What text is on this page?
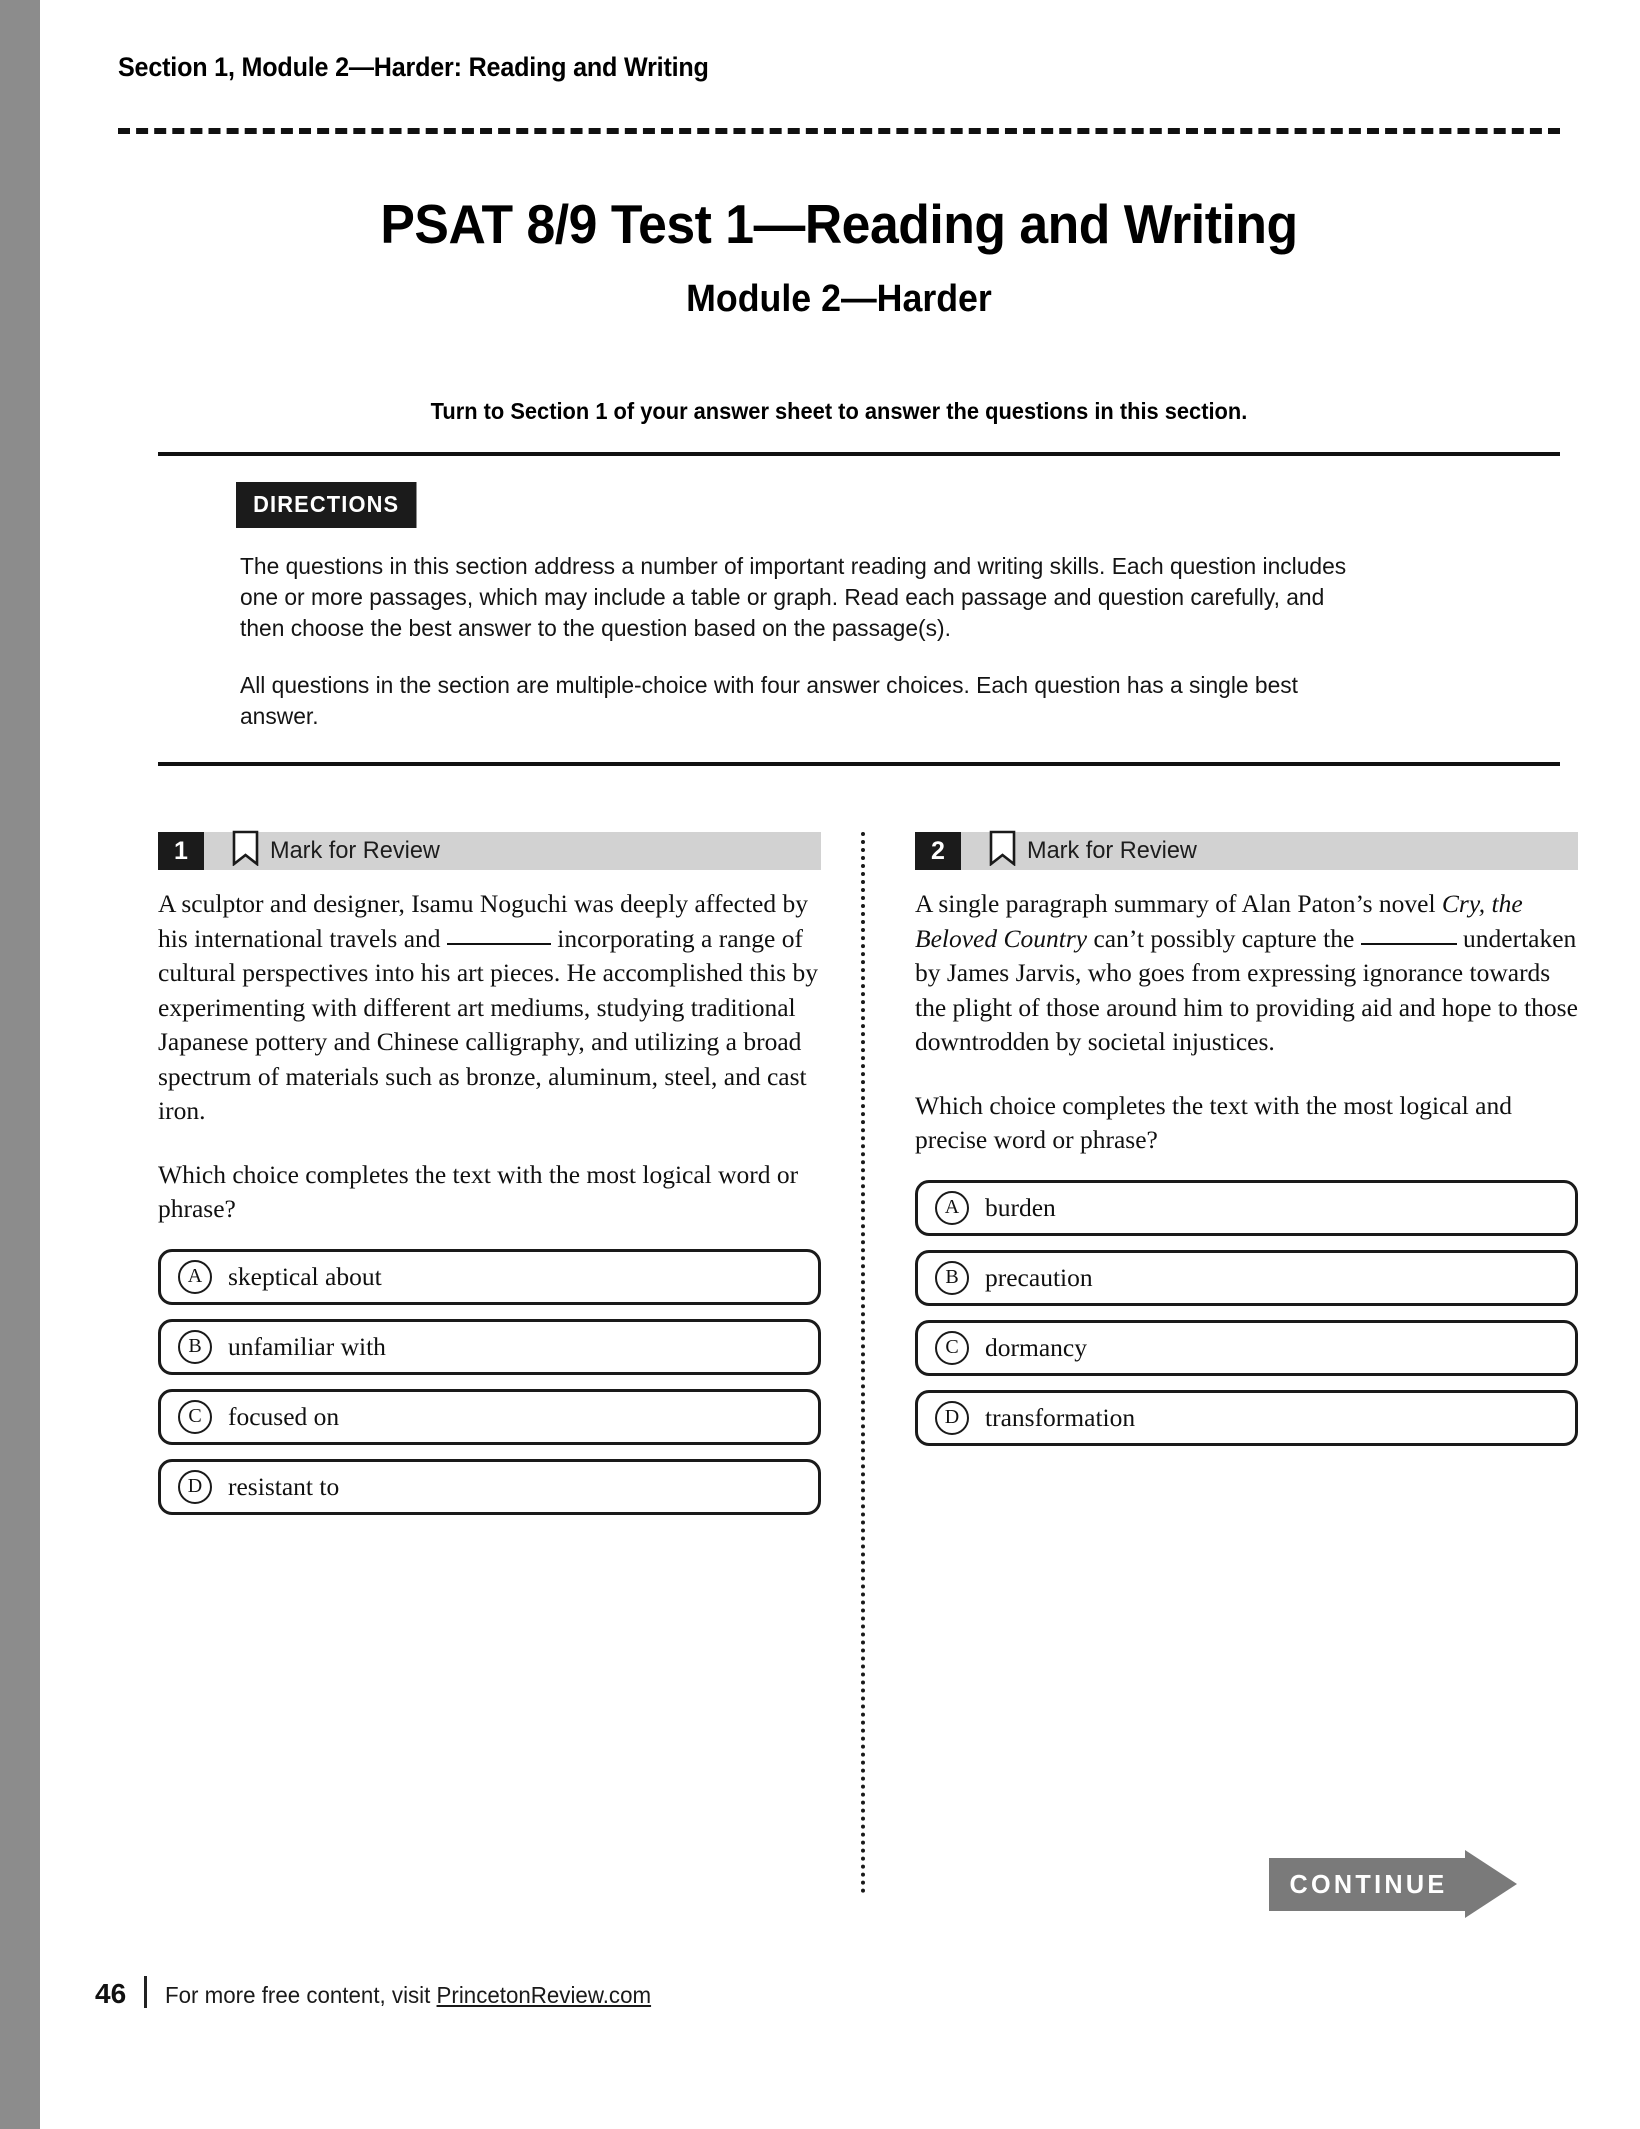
Section 1, Module 2—Harder: Reading and Writing
PSAT 8/9 Test 1—Reading and Writing
Module 2—Harder
Turn to Section 1 of your answer sheet to answer the questions in this section.
DIRECTIONS

The questions in this section address a number of important reading and writing skills. Each question includes one or more passages, which may include a table or graph. Read each passage and question carefully, and then choose the best answer to the question based on the passage(s).

All questions in the section are multiple-choice with four answer choices. Each question has a single best answer.

1	Mark for Review
A sculptor and designer, Isamu Noguchi was deeply affected by his international travels and	incorporating a range of cultural perspectives into his art pieces. He accomplished this by experimenting with different art mediums, studying traditional Japanese pottery and Chinese calligraphy, and utilizing a broad spectrum of materials such as bronze, aluminum, steel, and cast iron.
Which choice completes the text with the most logical word or phrase?
A	skeptical about
B	unfamiliar with
C	focused on
D	resistant to
2	Mark for Review
A single paragraph summary of Alan Paton’s novel Cry, the Beloved Country can’t possibly capture the	undertaken by James Jarvis, who goes from expressing ignorance towards the plight of those around him to providing aid and hope to those downtrodden by societal injustices.
Which choice completes the text with the most logical and precise word or phrase?
A	burden
B	precaution
C	dormancy
D	transformation
CONTINUE
46 For more free content, visit PrincetonReview.com
